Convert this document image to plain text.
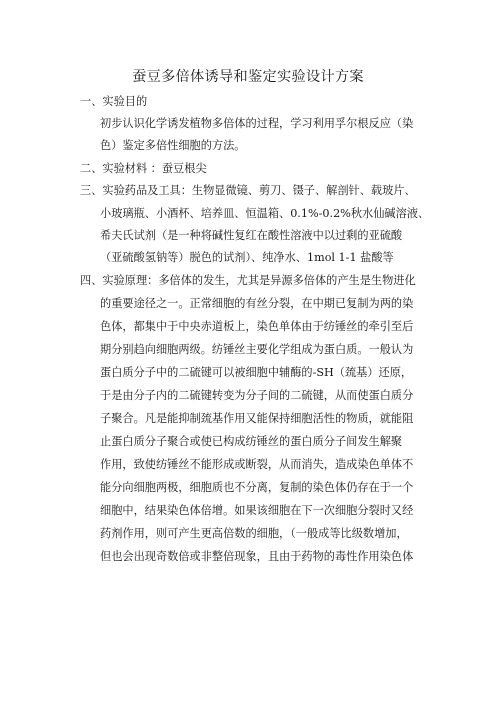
蚕豆多倍体诱导和鉴定实验设计方案
一、实验目的
初步认识化学诱发植物多倍体的过程，学习利用孚尔根反应（染
色）鉴定多倍性细胞的方法。
二、实验材料 ：蚕豆根尖
三、实验药品及工具：生物显微镜、剪刀、镊子、解剖针、载玻片、
小玻璃瓶、小酒杯、培养皿、恒温箱、0.1%-0.2%秋水仙碱溶液、
希夫氏试剂（是一种将碱性复红在酸性溶液中以过剩的亚硫酸
（亚硫酸氢钠等）脱色的试剂）、纯净水、1mol 1-1 盐酸等
四、实验原理：多倍体的发生，尤其是异源多倍体的产生是生物进化
的重要途径之一。正常细胞的有丝分裂，在中期已复制为两的染
色体，都集中于中央赤道板上，染色单体由于纺锤丝的牵引至后
期分别趋向细胞两级。纺锤丝主要化学组成为蛋白质。一般认为
蛋白质分子中的二硫键可以被细胞中辅酶的-SH（巯基）还原，
于是由分子内的二硫键转变为分子间的二硫键，从而使蛋白质分
子聚合。凡是能抑制巯基作用又能保持细胞活性的物质，就能阻
止蛋白质分子聚合或使已构成纺锤丝的蛋白质分子间发生解聚
作用，致使纺锤丝不能形成或断裂，从而消失，造成染色单体不
能分向细胞两极，细胞质也不分离，复制的染色体仍存在于一个
细胞中，结果染色体倍增。如果该细胞在下一次细胞分裂时又经
药剂作用，则可产生更高倍数的细胞，（一般成等比级数增加，
但也会出现奇数倍或非整倍现象，且由于药物的毒性作用染色体
